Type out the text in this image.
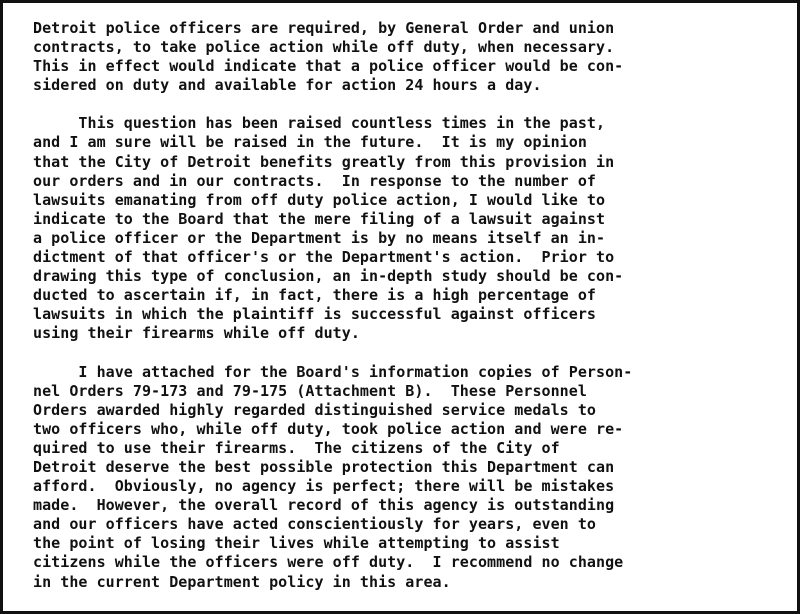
Detroit police officers are required, by General Order and union
contracts, to take police action while off duty, when necessary.
This in effect would indicate that a police officer would be con-
sidered on duty and available for action 24 hours a day.
This question has been raised countless times in the past,
and I am sure will be raised in the future.  It is my opinion
that the City of Detroit benefits greatly from this provision in
our orders and in our contracts.  In response to the number of
lawsuits emanating from off duty police action, I would like to
indicate to the Board that the mere filing of a lawsuit against
a police officer or the Department is by no means itself an in-
dictment of that officer's or the Department's action.  Prior to
drawing this type of conclusion, an in-depth study should be con-
ducted to ascertain if, in fact, there is a high percentage of
lawsuits in which the plaintiff is successful against officers
using their firearms while off duty.
I have attached for the Board's information copies of Person-
nel Orders 79-173 and 79-175 (Attachment B).  These Personnel
Orders awarded highly regarded distinguished service medals to
two officers who, while off duty, took police action and were re-
quired to use their firearms.  The citizens of the City of
Detroit deserve the best possible protection this Department can
afford.  Obviously, no agency is perfect; there will be mistakes
made.  However, the overall record of this agency is outstanding
and our officers have acted conscientiously for years, even to
the point of losing their lives while attempting to assist
citizens while the officers were off duty.  I recommend no change
in the current Department policy in this area.
